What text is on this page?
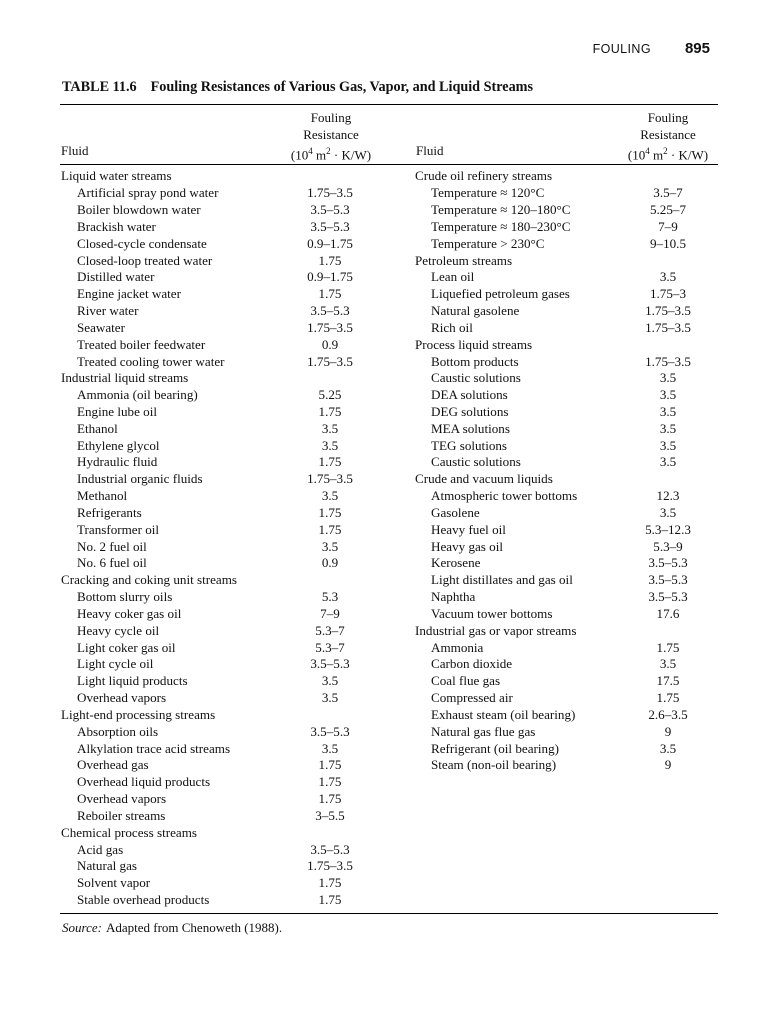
FOULING 895
TABLE 11.6 Fouling Resistances of Various Gas, Vapor, and Liquid Streams
Fluid
Fouling
Resistance
($10^4$ $m^2 \cdot K/W$)	Fluid
Fouling
Resistance
($10^4$ $m^2 \cdot K/W$)
Liquid water streams
Artificial spray pond water	1.75–3.5
Boiler blowdown water	3.5–5.3
Brackish water	3.5–5.3
Closed-cycle condensate	0.9–1.75
Closed-loop treated water	1.75
Distilled water	0.9–1.75
Engine jacket water	1.75
River water	3.5–5.3
Seawater	1.75–3.5
Treated boiler feedwater	0.9
Treated cooling tower water	1.75–3.5
Industrial liquid streams
Ammonia (oil bearing)	5.25
Engine lube oil	1.75
Ethanol	3.5
Ethylene glycol	3.5
Hydraulic fluid	1.75
Industrial organic fluids	1.75–3.5
Methanol	3.5
Refrigerants	1.75
Transformer oil	1.75
No. 2 fuel oil	3.5
No. 6 fuel oil	0.9
Cracking and coking unit streams
Bottom slurry oils	5.3
Heavy coker gas oil	7–9
Heavy cycle oil	5.3–7
Light coker gas oil	5.3–7
Light cycle oil	3.5–5.3
Light liquid products	3.5
Overhead vapors	3.5
Light-end processing streams
Absorption oils	3.5–5.3
Alkylation trace acid streams	3.5
Overhead gas	1.75
Overhead liquid products	1.75
Overhead vapors	1.75
Reboiler streams	3–5.5
Chemical process streams
Acid gas	3.5–5.3
Natural gas	1.75–3.5
Solvent vapor	1.75
Stable overhead products	1.75
Crude oil refinery streams
Temperature ≈ 120°C	3.5–7
Temperature ≈ 120–180°C	5.25–7
Temperature ≈ 180–230°C	7–9
Temperature > 230°C	9–10.5
Petroleum streams
Lean oil	3.5
Liquefied petroleum gases	1.75–3
Natural gasolene	1.75–3.5
Rich oil	1.75–3.5
Process liquid streams
Bottom products	1.75–3.5
Caustic solutions	3.5
DEA solutions	3.5
DEG solutions	3.5
MEA solutions	3.5
TEG solutions	3.5
Caustic solutions	3.5
Crude and vacuum liquids
Atmospheric tower bottoms	12.3
Gasolene	3.5
Heavy fuel oil	5.3–12.3
Heavy gas oil	5.3–9
Kerosene	3.5–5.3
Light distillates and gas oil	3.5–5.3
Naphtha	3.5–5.3
Vacuum tower bottoms	17.6
Industrial gas or vapor streams
Ammonia	1.75
Carbon dioxide	3.5
Coal flue gas	17.5
Compressed air	1.75
Exhaust steam (oil bearing)	2.6–3.5
Natural gas flue gas	9
Refrigerant (oil bearing)	3.5
Steam (non-oil bearing)	9
Source: Adapted from Chenoweth (1988).
